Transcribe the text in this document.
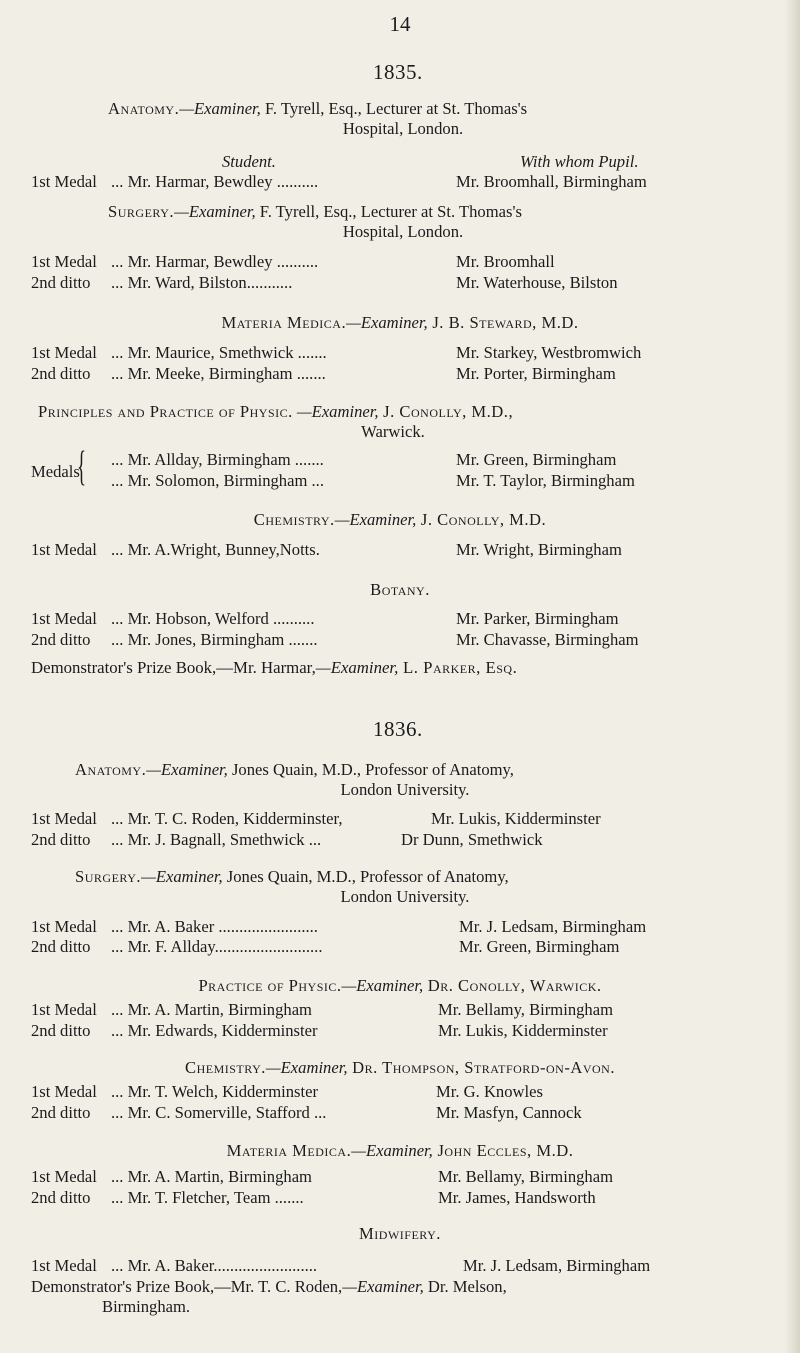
14
1835.
Anatomy.—Examiner, F. Tyrell, Esq., Lecturer at St. Thomas's
Hospital, London.
Student.	With whom Pupil.
1st Medal ... Mr. Harmar, Bewdley ..........	Mr. Broomhall, Birmingham
Surgery.—Examiner, F. Tyrell, Esq., Lecturer at St. Thomas's
Hospital, London.
1st Medal ... Mr. Harmar, Bewdley ..........	Mr. Broomhall
2nd ditto ... Mr. Ward, Bilston...........	Mr. Waterhouse, Bilston
Materia Medica.—Examiner, J. B. Steward, M.D.
1st Medal ... Mr. Maurice, Smethwick .......	Mr. Starkey, Westbromwich
2nd ditto ... Mr. Meeke, Birmingham .......	Mr. Porter, Birmingham
Principles and Practice of Physic. —Examiner, J. Conolly, M.D.,
Warwick.
Medals
{ ... Mr. Allday, Birmingham .......	Mr. Green, Birmingham
... Mr. Solomon, Birmingham ...	Mr. T. Taylor, Birmingham
Chemistry.—Examiner, J. Conolly, M.D.
1st Medal ... Mr. A.Wright, Bunney,Notts.	Mr. Wright, Birmingham
Botany.
1st Medal ... Mr. Hobson, Welford ..........	Mr. Parker, Birmingham
2nd ditto ... Mr. Jones, Birmingham .......	Mr. Chavasse, Birmingham
Demonstrator's Prize Book,—Mr. Harmar,—Examiner, L. Parker, Esq.
1836.
Anatomy.—Examiner, Jones Quain, M.D., Professor of Anatomy,
London University.
1st Medal ... Mr. T. C. Roden, Kidderminster,	Mr. Lukis, Kidderminster
2nd ditto ... Mr. J. Bagnall, Smethwick ...	Dr Dunn, Smethwick
Surgery.—Examiner, Jones Quain, M.D., Professor of Anatomy,
London University.
1st Medal ... Mr. A. Baker ........................	Mr. J. Ledsam, Birmingham
2nd ditto ... Mr. F. Allday..........................	Mr. Green, Birmingham
Practice of Physic.—Examiner, Dr. Conolly, Warwick.
1st Medal ... Mr. A. Martin, Birmingham	Mr. Bellamy, Birmingham
2nd ditto ... Mr. Edwards, Kidderminster	Mr. Lukis, Kidderminster
Chemistry.—Examiner, Dr. Thompson, Stratford-on-Avon.
1st Medal ... Mr. T. Welch, Kidderminster	Mr. G. Knowles
2nd ditto ... Mr. C. Somerville, Stafford ...	Mr. Masfyn, Cannock
Materia Medica.—Examiner, John Eccles, M.D.
1st Medal ... Mr. A. Martin, Birmingham	Mr. Bellamy, Birmingham
2nd ditto ... Mr. T. Fletcher, Team .......	Mr. James, Handsworth
Midwifery.
1st Medal ... Mr. A. Baker.........................	Mr. J. Ledsam, Birmingham
Demonstrator's Prize Book,—Mr. T. C. Roden,—Examiner, Dr. Melson,
Birmingham.
